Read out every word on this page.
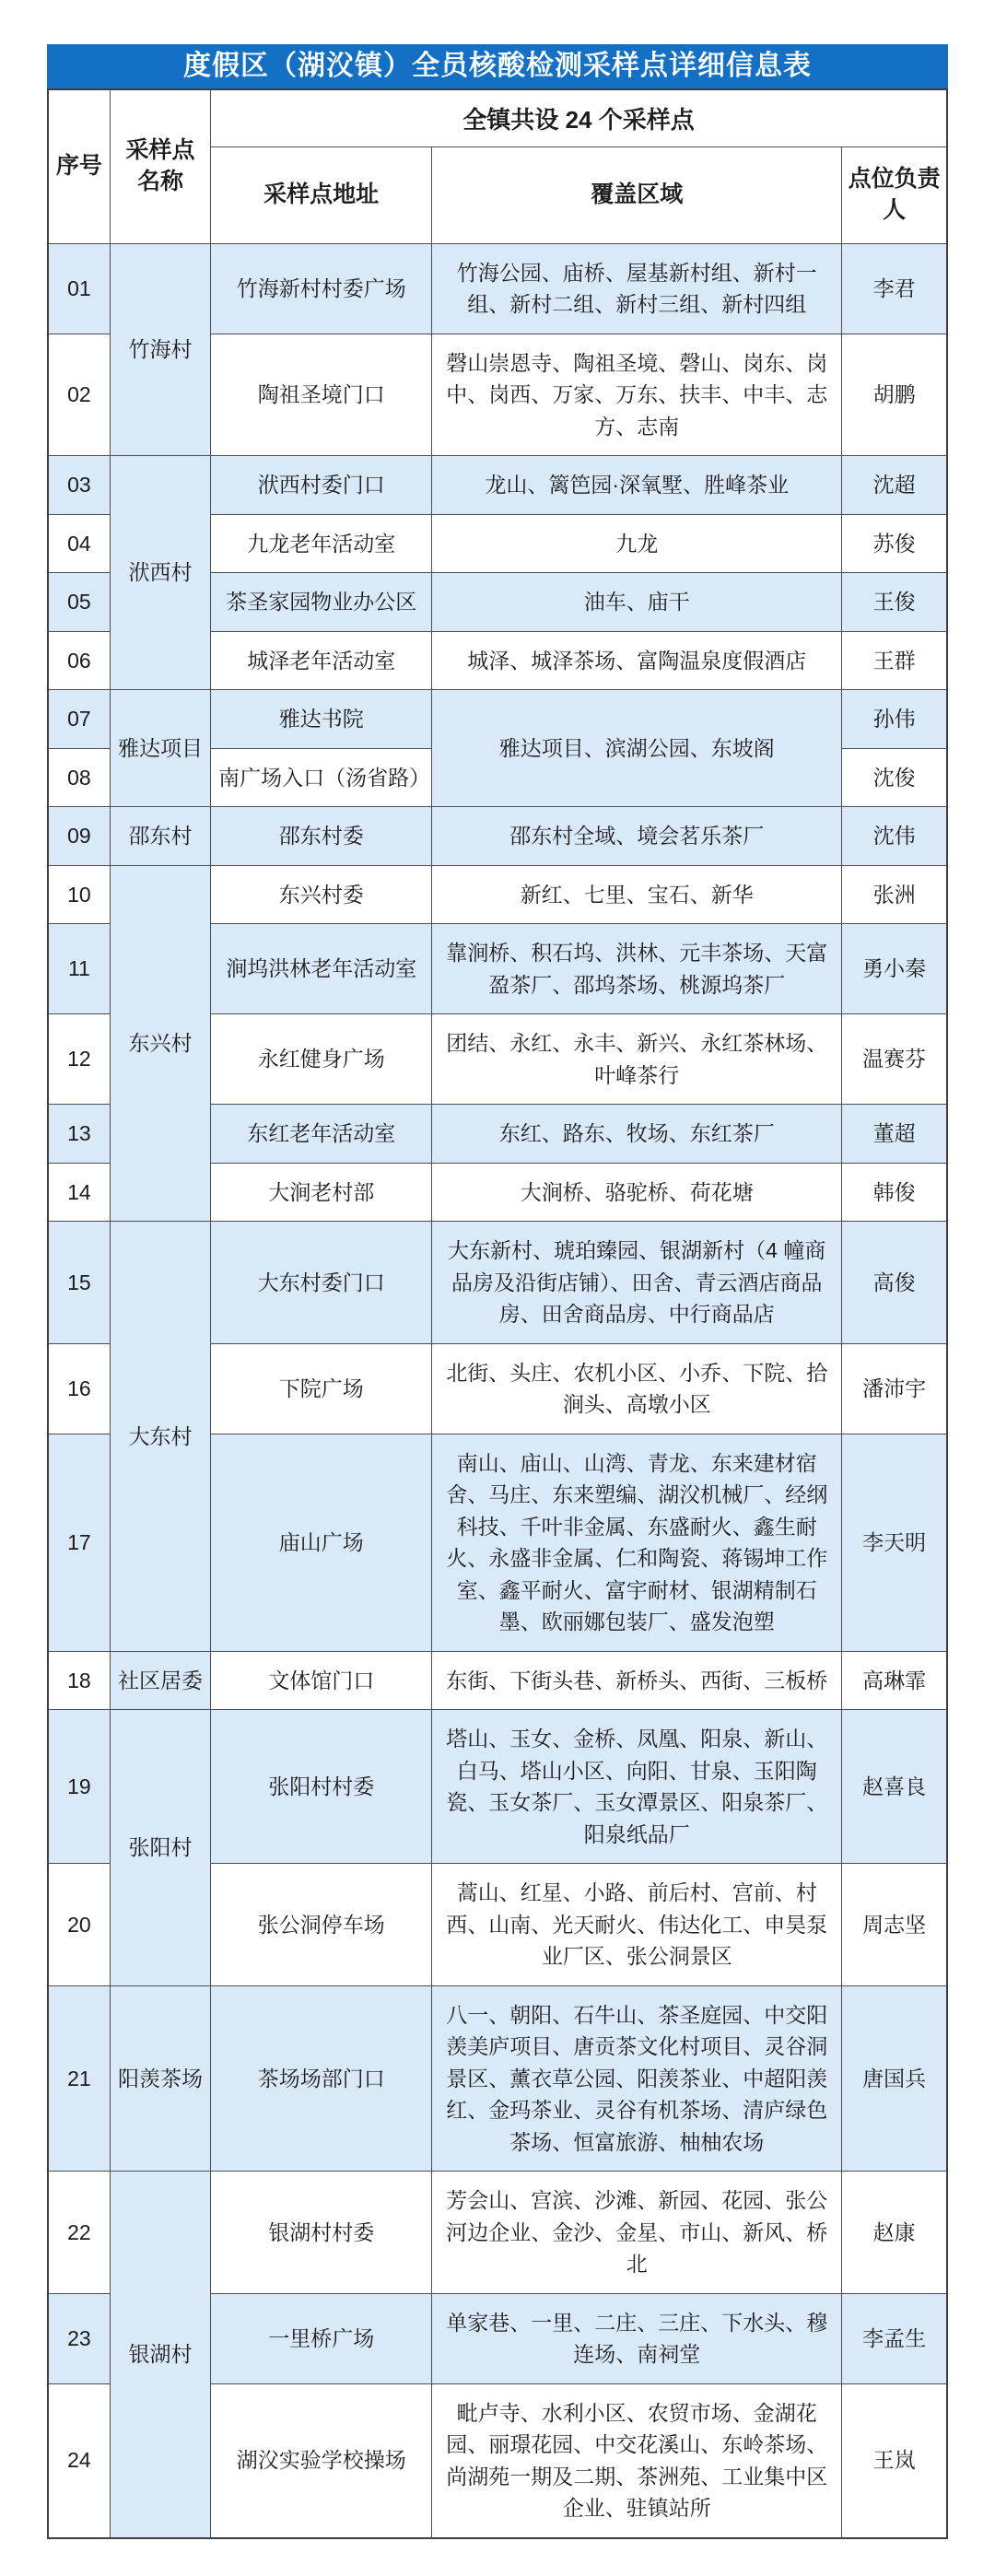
度假区（湖㳇镇）全员核酸检测采样点详细信息表
序号	采样点名称	全镇共设 24 个采样点		
		采样点地址	覆盖区域	点位负责人
01	竹海村	竹海新村村委广场	竹海公园、庙桥、屋基新村组、新村一组、新村二组、新村三组、新村四组	李君
02		陶祖圣境门口	磬山崇恩寺、陶祖圣境、磬山、岗东、岗中、岗西、万家、万东、扶丰、中丰、志方、志南	胡鹏
03	洑西村	洑西村委门口	龙山、篱笆园·深氧墅、胜峰茶业	沈超
04		九龙老年活动室	九龙	苏俊
05		茶圣家园物业办公区	油车、庙干	王俊
06		城泽老年活动室	城泽、城泽茶场、富陶温泉度假酒店	王群
07	雅达项目	雅达书院	雅达项目、滨湖公园、东坡阁	孙伟
08		南广场入口（汤省路）		沈俊
09	邵东村	邵东村委	邵东村全域、境会茗乐茶厂	沈伟
10	东兴村	东兴村委	新红、七里、宝石、新华	张洲
11		涧坞洪林老年活动室	靠涧桥、积石坞、洪林、元丰茶场、天富盈茶厂、邵坞茶场、桃源坞茶厂	勇小秦
12		永红健身广场	团结、永红、永丰、新兴、永红茶林场、叶峰茶行	温赛芬
13		东红老年活动室	东红、路东、牧场、东红茶厂	董超
14		大涧老村部	大涧桥、骆驼桥、荷花塘	韩俊
15	大东村	大东村委门口	大东新村、琥珀臻园、银湖新村（4 幢商品房及沿街店铺）、田舍、青云酒店商品房、田舍商品房、中行商品店	高俊
16		下院广场	北街、头庄、农机小区、小乔、下院、拾涧头、高墩小区	潘沛宇
17		庙山广场	南山、庙山、山湾、青龙、东来建材宿舍、马庄、东来塑编、湖㳇机械厂、经纲科技、千叶非金属、东盛耐火、鑫生耐火、永盛非金属、仁和陶瓷、蒋锡坤工作室、鑫平耐火、富宇耐材、银湖精制石墨、欧丽娜包装厂、盛发泡塑	李天明
18	社区居委	文体馆门口	东街、下街头巷、新桥头、西街、三板桥	高琳霏
19	张阳村	张阳村村委	塔山、玉女、金桥、凤凰、阳泉、新山、白马、塔山小区、向阳、甘泉、玉阳陶瓷、玉女茶厂、玉女潭景区、阳泉茶厂、阳泉纸品厂	赵喜良
20		张公洞停车场	蒿山、红星、小路、前后村、宫前、村西、山南、光天耐火、伟达化工、申昊泵业厂区、张公洞景区	周志坚
21	阳羡茶场	茶场场部门口	八一、朝阳、石牛山、茶圣庭园、中交阳羡美庐项目、唐贡茶文化村项目、灵谷洞景区、薰衣草公园、阳羡茶业、中超阳羡红、金玛茶业、灵谷有机茶场、清庐绿色茶场、恒富旅游、柚柚农场	唐国兵
22	银湖村	银湖村村委	芳会山、宫滨、沙滩、新园、花园、张公河边企业、金沙、金星、市山、新风、桥北	赵康
23		一里桥广场	单家巷、一里、二庄、三庄、下水头、穆连场、南祠堂	李孟生
24		湖㳇实验学校操场	毗卢寺、水利小区、农贸市场、金湖花园、丽璟花园、中交花溪山、东岭茶场、尚湖苑一期及二期、茶洲苑、工业集中区企业、驻镇站所	王岚
